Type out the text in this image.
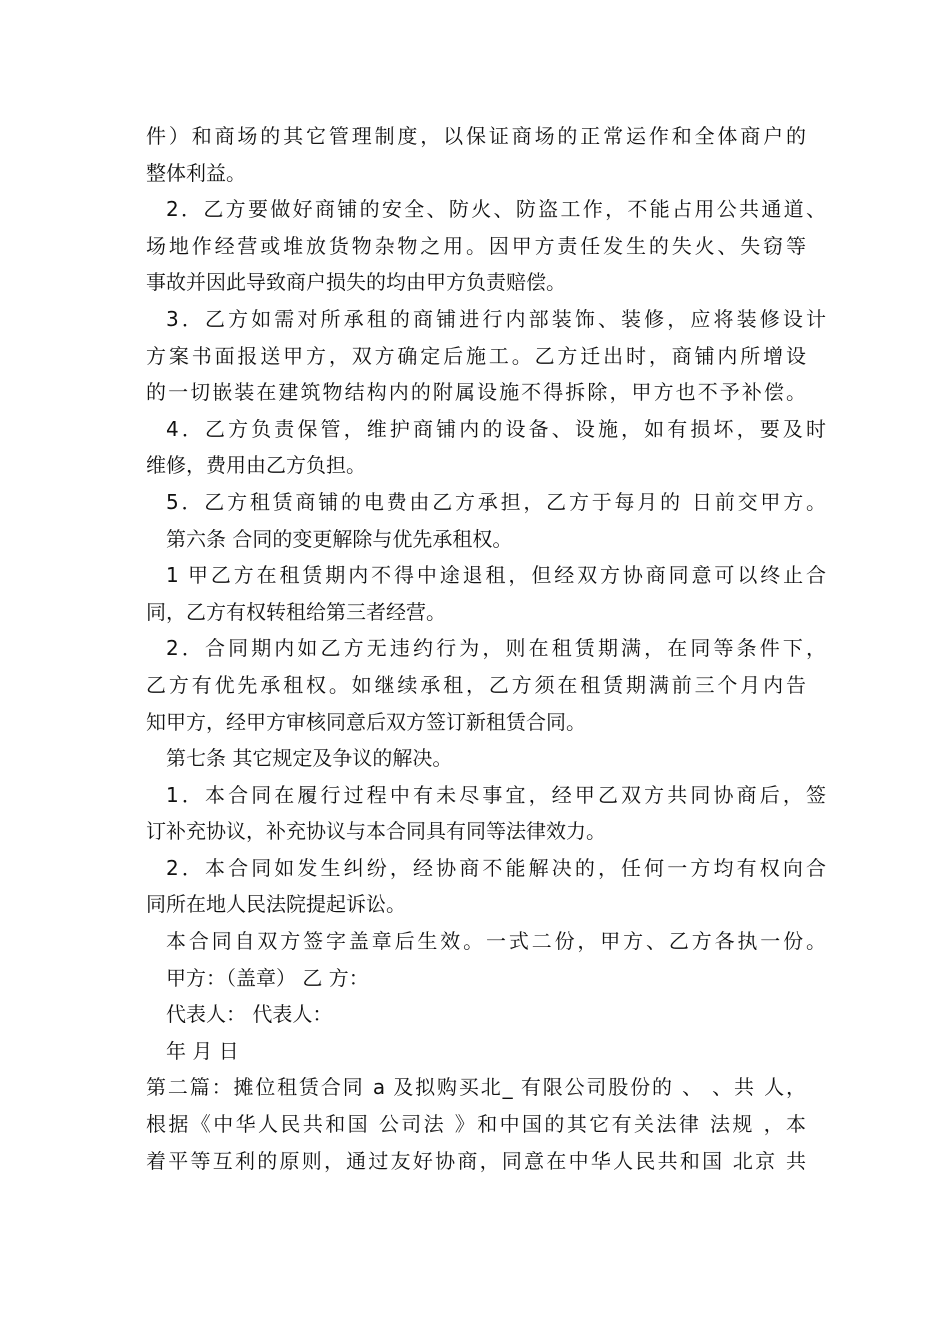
件）和商场的其它管理制度，以保证商场的正常运作和全体商户的
整体利益。
2．乙方要做好商铺的安全、防火、防盗工作，不能占用公共通道、
场地作经营或堆放货物杂物之用。因甲方责任发生的失火、失窃等
事故并因此导致商户损失的均由甲方负责赔偿。
3．乙方如需对所承租的商铺进行内部装饰、装修，应将装修设计
方案书面报送甲方，双方确定后施工。乙方迁出时，商铺内所增设
的一切嵌装在建筑物结构内的附属设施不得拆除，甲方也不予补偿。
4．乙方负责保管，维护商铺内的设备、设施，如有损坏，要及时
维修，费用由乙方负担。
5．乙方租赁商铺的电费由乙方承担，乙方于每月的 日前交甲方。
第六条 合同的变更解除与优先承租权。
1 甲乙方在租赁期内不得中途退租，但经双方协商同意可以终止合
同，乙方有权转租给第三者经营。
2．合同期内如乙方无违约行为，则在租赁期满，在同等条件下，
乙方有优先承租权。如继续承租，乙方须在租赁期满前三个月内告
知甲方，经甲方审核同意后双方签订新租赁合同。
第七条 其它规定及争议的解决。
1．本合同在履行过程中有未尽事宜，经甲乙双方共同协商后，签
订补充协议，补充协议与本合同具有同等法律效力。
2．本合同如发生纠纷，经协商不能解决的，任何一方均有权向合
同所在地人民法院提起诉讼。
本合同自双方签字盖章后生效。一式二份，甲方、乙方各执一份。
甲方：（盖章） 乙 方：
代表人： 代表人：
年 月 日
第二篇：摊位租赁合同 a 及拟购买北_ 有限公司股份的 、 、共 人，
根据《中华人民共和国 公司法 》和中国的其它有关法律 法规 ，本
着平等互利的原则，通过友好协商，同意在中华人民共和国 北京 共
